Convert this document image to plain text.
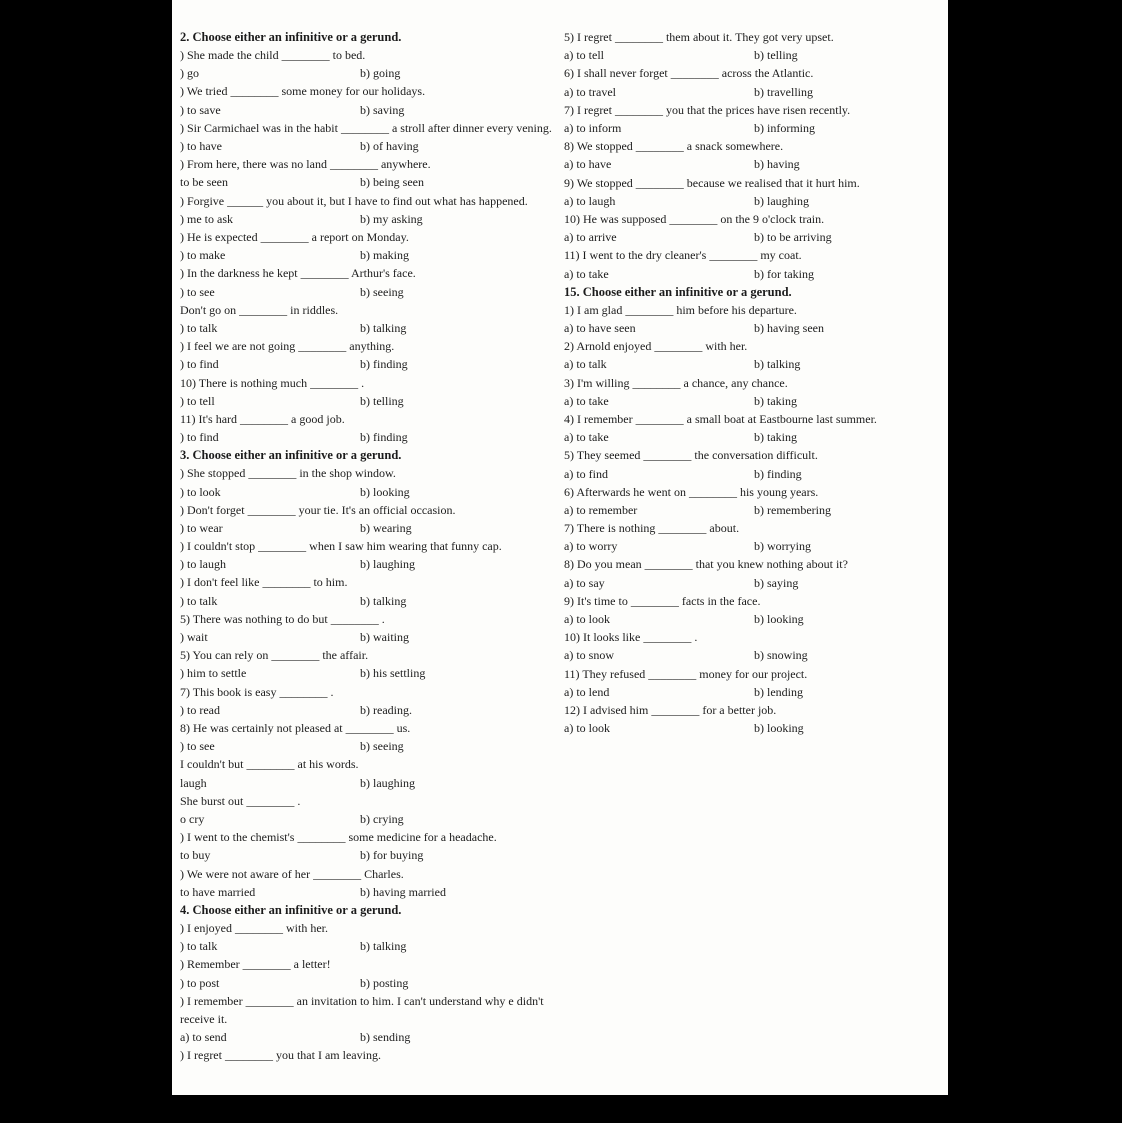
2. Choose either an infinitive or a gerund.
) She made the child ________ to bed.
) go	b) going
) We tried ________ some money for our holidays.
) to save	b) saving
) Sir Carmichael was in the habit ________ a stroll after dinner every vening.
) to have	b) of having
) From here, there was no land ________ anywhere.
to be seen	b) being seen
) Forgive ______ you about it, but I have to find out what has happened.
) me to ask	b) my asking
) He is expected ________ a report on Monday.
) to make	b) making
) In the darkness he kept ________ Arthur's face.
) to see	b) seeing
Don't go on ________ in riddles.
) to talk	b) talking
) I feel we are not going ________ anything.
) to find	b) finding
10) There is nothing much ________ .
) to tell	b) telling
11) It's hard ________ a good job.
) to find	b) finding
3. Choose either an infinitive or a gerund.
) She stopped ________ in the shop window.
) to look	b) looking
) Don't forget ________ your tie. It's an official occasion.
) to wear	b) wearing
) I couldn't stop ________ when I saw him wearing that funny cap.
) to laugh	b) laughing
) I don't feel like ________ to him.
) to talk	b) talking
5) There was nothing to do but ________ .
) wait	b) waiting
5) You can rely on ________ the affair.
) him to settle	b) his settling
7) This book is easy ________ .
) to read	b) reading.
8) He was certainly not pleased at ________ us.
) to see	b) seeing
I couldn't but ________ at his words.
laugh	b) laughing
She burst out ________ .
o cry	b) crying
) I went to the chemist's ________ some medicine for a headache.
to buy	b) for buying
) We were not aware of her ________ Charles.
to have married	b) having married
4. Choose either an infinitive or a gerund.
) I enjoyed ________ with her.
) to talk	b) talking
) Remember ________ a letter!
) to post	b) posting
) I remember ________ an invitation to him. I can't understand why e didn't receive it.
a) to send	b) sending
) I regret ________ you that I am leaving.
5) I regret ________ them about it. They got very upset.
a) to tell	b) telling
6) I shall never forget ________ across the Atlantic.
a) to travel	b) travelling
7) I regret ________ you that the prices have risen recently.
a) to inform	b) informing
8) We stopped ________ a snack somewhere.
a) to have	b) having
9) We stopped ________ because we realised that it hurt him.
a) to laugh	b) laughing
10) He was supposed ________ on the 9 o'clock train.
a) to arrive	b) to be arriving
11) I went to the dry cleaner's ________ my coat.
a) to take	b) for taking
15. Choose either an infinitive or a gerund.
1) I am glad ________ him before his departure.
a) to have seen	b) having seen
2) Arnold enjoyed ________ with her.
a) to talk	b) talking
3) I'm willing ________ a chance, any chance.
a) to take	b) taking
4) I remember ________ a small boat at Eastbourne last summer.
a) to take	b) taking
5) They seemed ________ the conversation difficult.
a) to find	b) finding
6) Afterwards he went on ________ his young years.
a) to remember	b) remembering
7) There is nothing ________ about.
a) to worry	b) worrying
8) Do you mean ________ that you knew nothing about it?
a) to say	b) saying
9) It's time to ________ facts in the face.
a) to look	b) looking
10) It looks like ________ .
a) to snow	b) snowing
11) They refused ________ money for our project.
a) to lend	b) lending
12) I advised him ________ for a better job.
a) to look	b) looking
